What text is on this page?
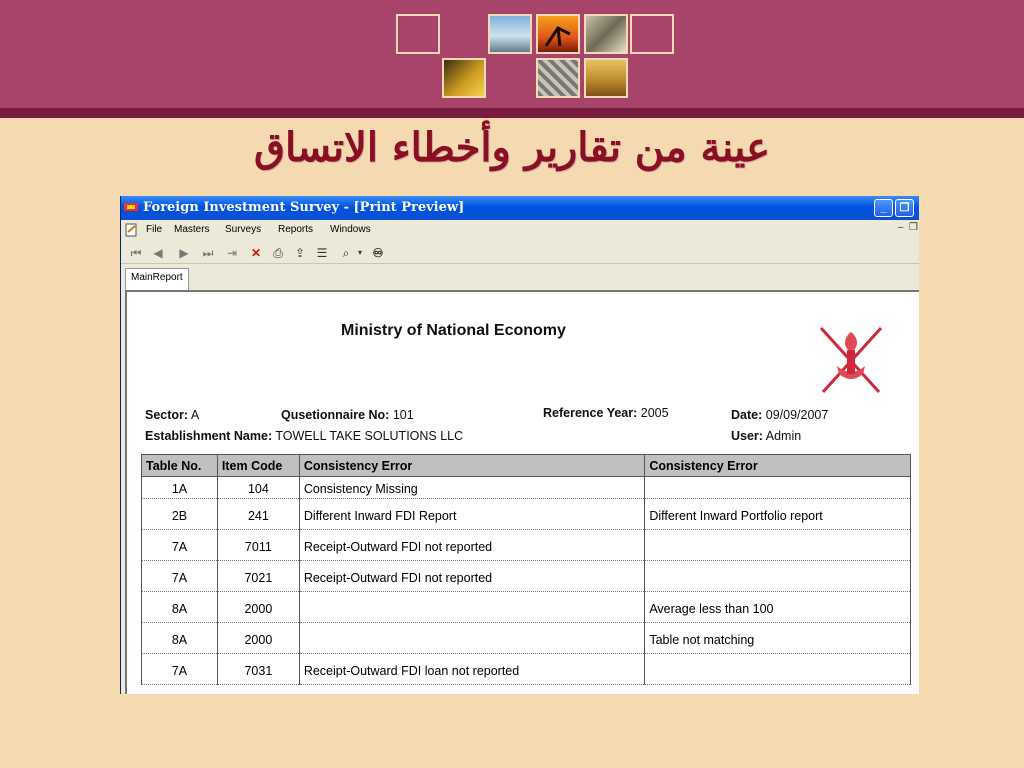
عينة من تقارير وأخطاء الاتساق
Foreign Investment Survey - [Print Preview]	_	❐
File Masters Surveys Reports Windows	–  ❐
⏮ ◀ ▶ ⏭ ⇥ ✕ ⎙ ⇪ ☰	⌕	▾ ♾
MainReport
Ministry of National Economy
Sector: A	Qusetionnaire No: 101	Reference Year: 2005	Date: 09/09/2007
Establishment Name: TOWELL TAKE SOLUTIONS LLC	User: Admin
Table No.	Item Code	Consistency Error	Consistency Error
1A	104	Consistency Missing	
2B	241	Different Inward FDI Report	Different Inward Portfolio report
7A	7011	Receipt-Outward FDI not reported	
7A	7021	Receipt-Outward FDI not reported	
8A	2000		Average less than 100
8A	2000		Table not matching
7A	7031	Receipt-Outward FDI loan not reported	
